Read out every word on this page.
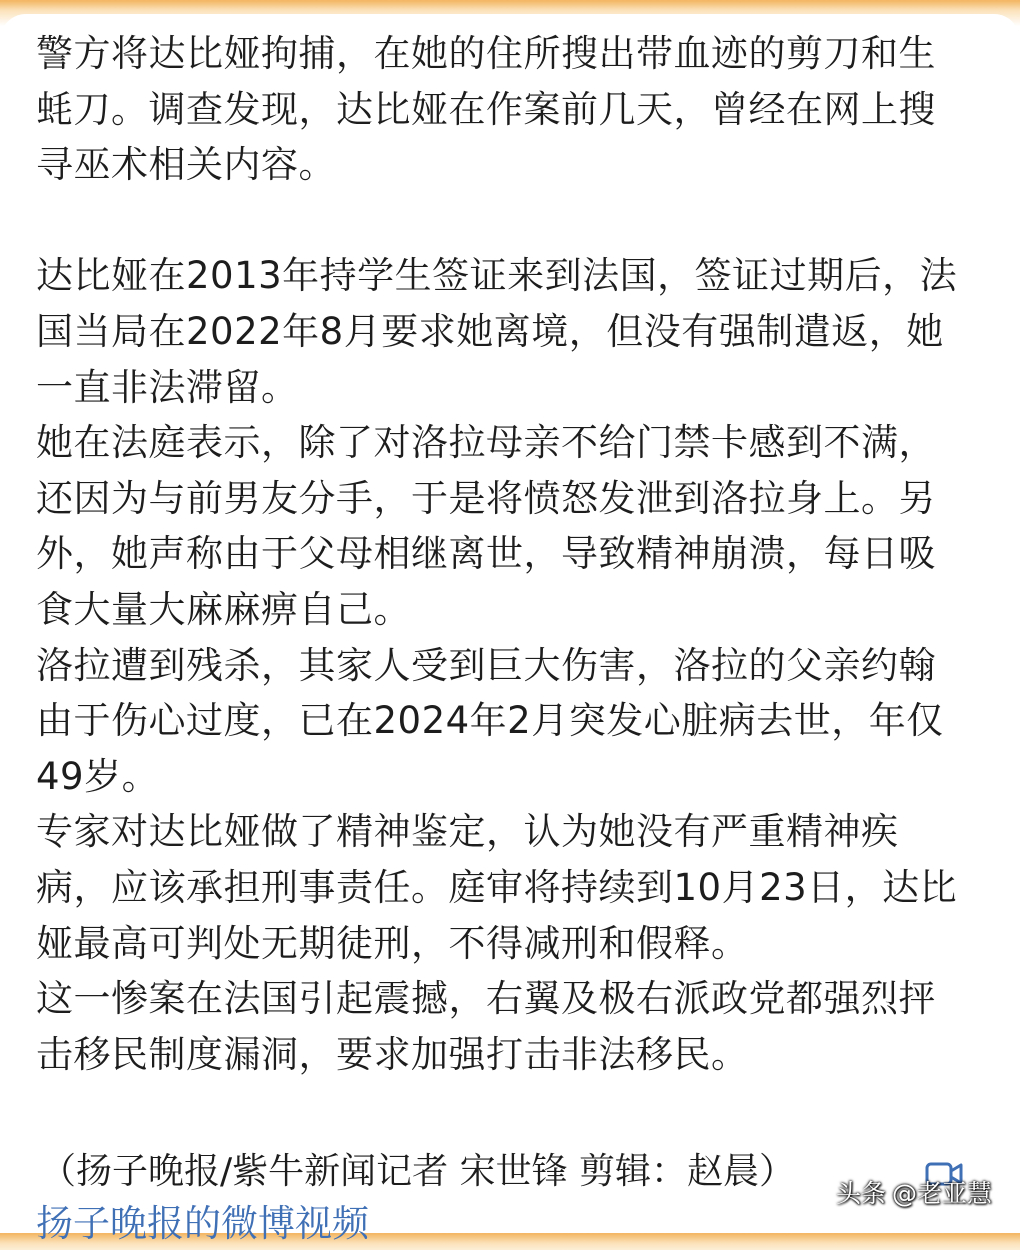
警方将达比娅拘捕，在她的住所搜出带血迹的剪刀和生蚝刀。调查发现，达比娅在作案前几天，曾经在网上搜寻巫术相关内容。

达比娅在2013年持学生签证来到法国，签证过期后，法国当局在2022年8月要求她离境，但没有强制遣返，她一直非法滞留。

她在法庭表示，除了对洛拉母亲不给门禁卡感到不满，还因为与前男友分手，于是将愤怒发泄到洛拉身上。另外，她声称由于父母相继离世，导致精神崩溃，每日吸食大量大麻麻痹自己。

洛拉遭到残杀，其家人受到巨大伤害，洛拉的父亲约翰由于伤心过度，已在2024年2月突发心脏病去世，年仅49岁。

专家对达比娅做了精神鉴定，认为她没有严重精神疾病，应该承担刑事责任。庭审将持续到10月23日，达比娅最高可判处无期徒刑，不得减刑和假释。

这一惨案在法国引起震撼，右翼及极右派政党都强烈抨击移民制度漏洞，要求加强打击非法移民。

（扬子晚报/紫牛新闻记者 宋世锋 剪辑：赵晨）
扬子晚报的微博视频
头条 @老亚慧
